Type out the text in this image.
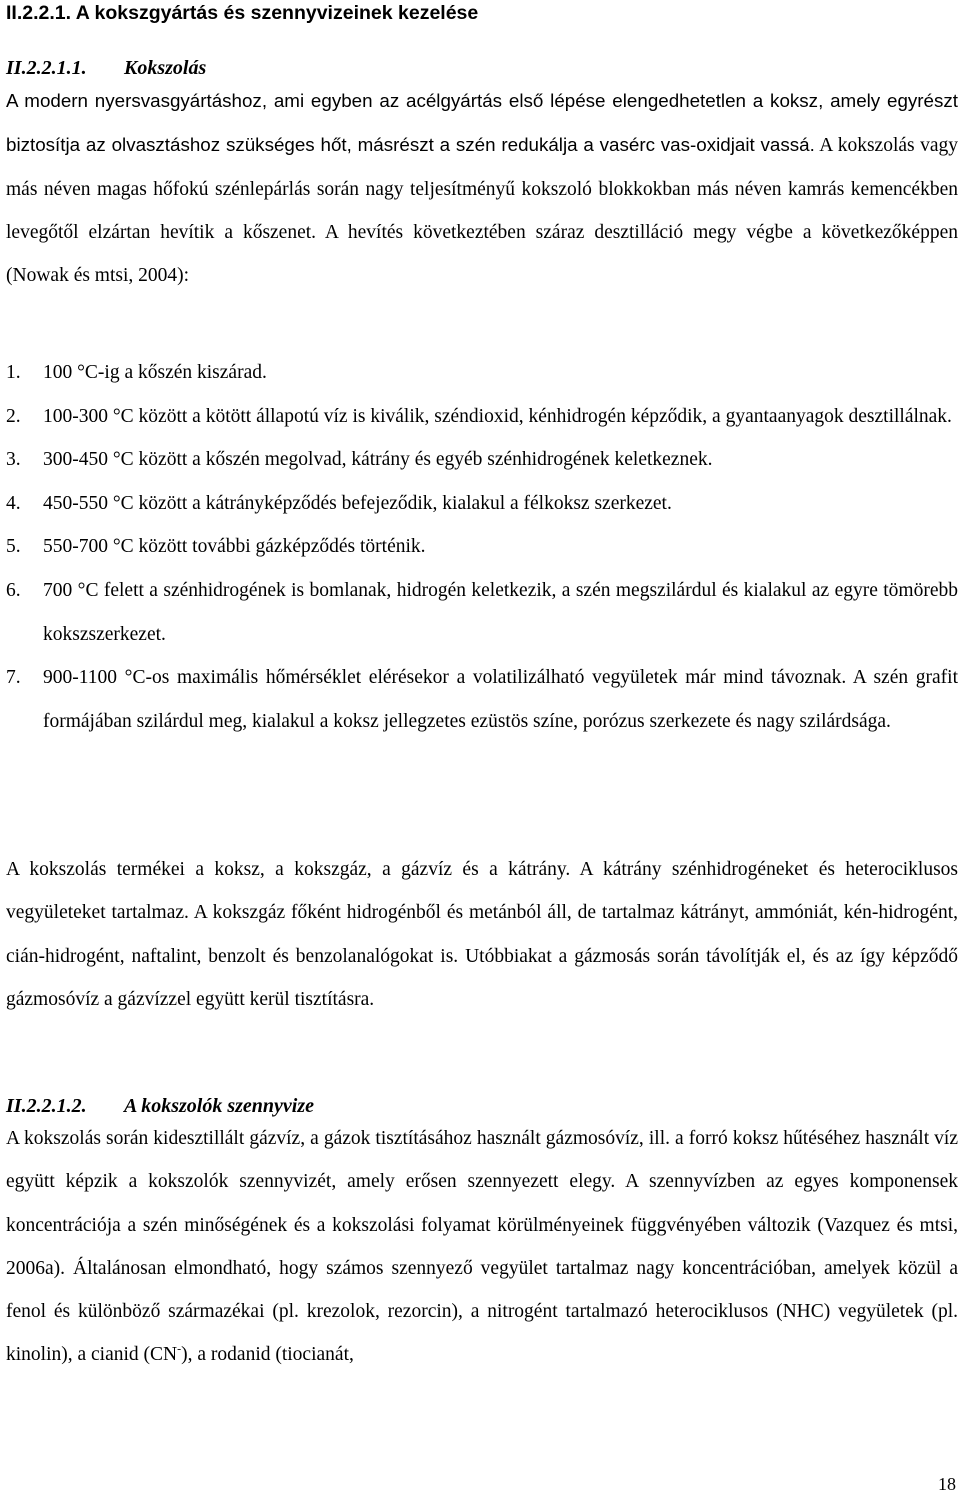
II.2.2.1. A kokszgyártás és szennyvizeinek kezelése
II.2.2.1.1. Kokszolás

A modern nyersvasgyártáshoz, ami egyben az acélgyártás első lépése elengedhetetlen a koksz, amely egyrészt biztosítja az olvasztáshoz szükséges hőt, másrészt a szén redukálja a vasérc vas-oxidjait vassá. A kokszolás vagy más néven magas hőfokú szénlepárlás során nagy teljesítményű kokszoló blokkokban más néven kamrás kemencékben levegőtől elzártan hevítik a kőszenet. A hevítés következtében száraz desztilláció megy végbe a következőképpen (Nowak és mtsi, 2004):

1.	100 °C-ig a kőszén kiszárad.
2.	100-300 °C között a kötött állapotú víz is kiválik, széndioxid, kénhidrogén képződik, a gyantaanyagok desztillálnak.
3.	300-450 °C között a kőszén megolvad, kátrány és egyéb szénhidrogének keletkeznek.
4.	450-550 °C között a kátrányképződés befejeződik, kialakul a félkoksz szerkezet.
5.	550-700 °C között további gázképződés történik.
6.	700 °C felett a szénhidrogének is bomlanak, hidrogén keletkezik, a szén megszilárdul és kialakul az egyre tömörebb kokszszerkezet.
7.	900-1100 °C-os maximális hőmérséklet elérésekor a volatilizálható vegyületek már mind távoznak. A szén grafit formájában szilárdul meg, kialakul a koksz jellegzetes ezüstös színe, porózus szerkezete és nagy szilárdsága.

A kokszolás termékei a koksz, a kokszgáz, a gázvíz és a kátrány. A kátrány szénhidrogéneket és heterociklusos vegyületeket tartalmaz. A kokszgáz főként hidrogénből és metánból áll, de tartalmaz kátrányt, ammóniát, kén-hidrogént, cián-hidrogént, naftalint, benzolt és benzolanalógokat is. Utóbbiakat a gázmosás során távolítják el, és az így képződő gázmosóvíz a gázvízzel együtt kerül tisztításra.

II.2.2.1.2. A kokszolók szennyvize

A kokszolás során kidesztillált gázvíz, a gázok tisztításához használt gázmosóvíz, ill. a forró koksz hűtéséhez használt víz együtt képzik a kokszolók szennyvizét, amely erősen szennyezett elegy. A szennyvízben az egyes komponensek koncentrációja a szén minőségének és a kokszolási folyamat körülményeinek függvényében változik (Vazquez és mtsi, 2006a). Általánosan elmondható, hogy számos szennyező vegyület tartalmaz nagy koncentrációban, amelyek közül a fenol és különböző származékai (pl. krezolok, rezorcin), a nitrogént tartalmazó heterociklusos (NHC) vegyületek (pl. kinolin), a cianid (CN-), a rodanid (tiocianát,

18
